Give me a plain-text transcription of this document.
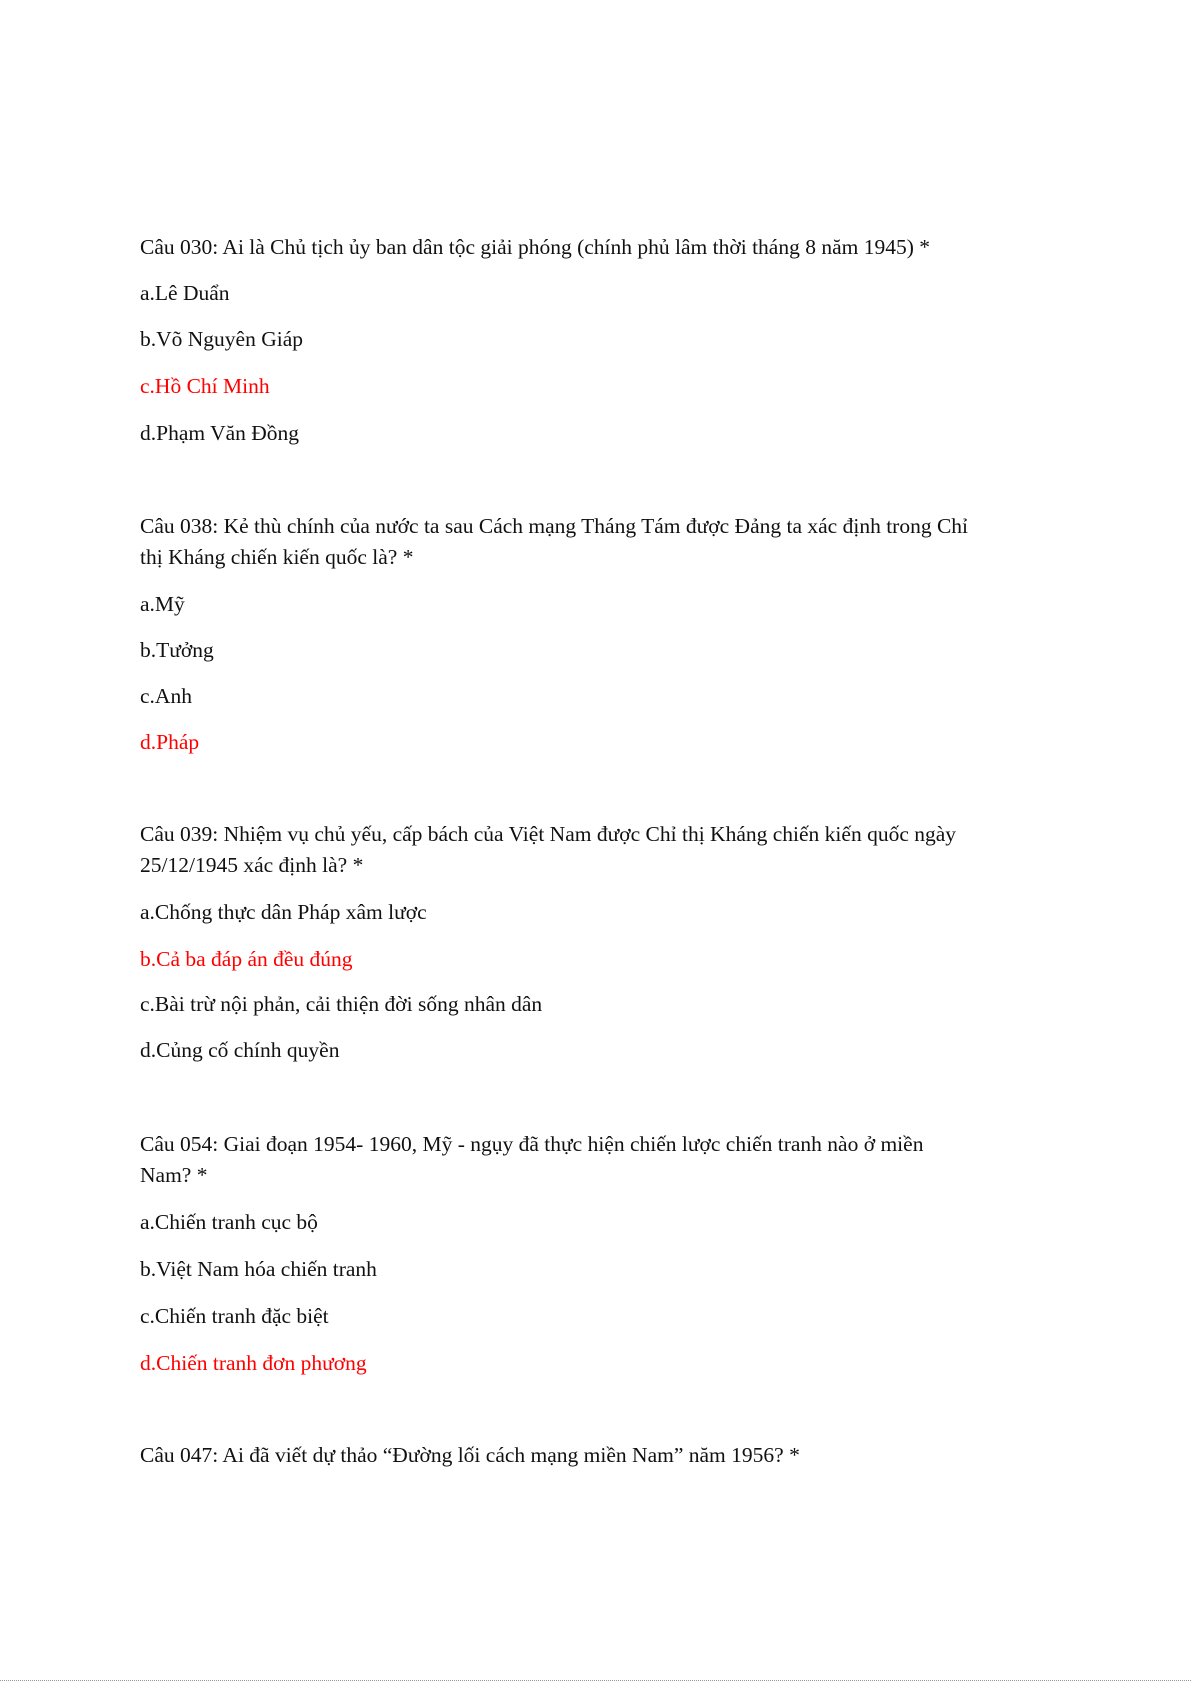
Câu 030: Ai là Chủ tịch ủy ban dân tộc giải phóng (chính phủ lâm thời tháng 8 năm 1945) *
a.Lê Duẩn
b.Võ Nguyên Giáp
c.Hồ Chí Minh
d.Phạm Văn Đồng
Câu 038: Kẻ thù chính của nước ta sau Cách mạng Tháng Tám được Đảng ta xác định trong Chỉ
thị Kháng chiến kiến quốc là? *
a.Mỹ
b.Tưởng
c.Anh
d.Pháp
Câu 039: Nhiệm vụ chủ yếu, cấp bách của Việt Nam được Chỉ thị Kháng chiến kiến quốc ngày
25/12/1945 xác định là? *
a.Chống thực dân Pháp xâm lược
b.Cả ba đáp án đều đúng
c.Bài trừ nội phản, cải thiện đời sống nhân dân
d.Củng cố chính quyền
Câu 054: Giai đoạn 1954- 1960, Mỹ - ngụy đã thực hiện chiến lược chiến tranh nào ở miền
Nam? *
a.Chiến tranh cục bộ
b.Việt Nam hóa chiến tranh
c.Chiến tranh đặc biệt
d.Chiến tranh đơn phương
Câu 047: Ai đã viết dự thảo “Đường lối cách mạng miền Nam” năm 1956? *
